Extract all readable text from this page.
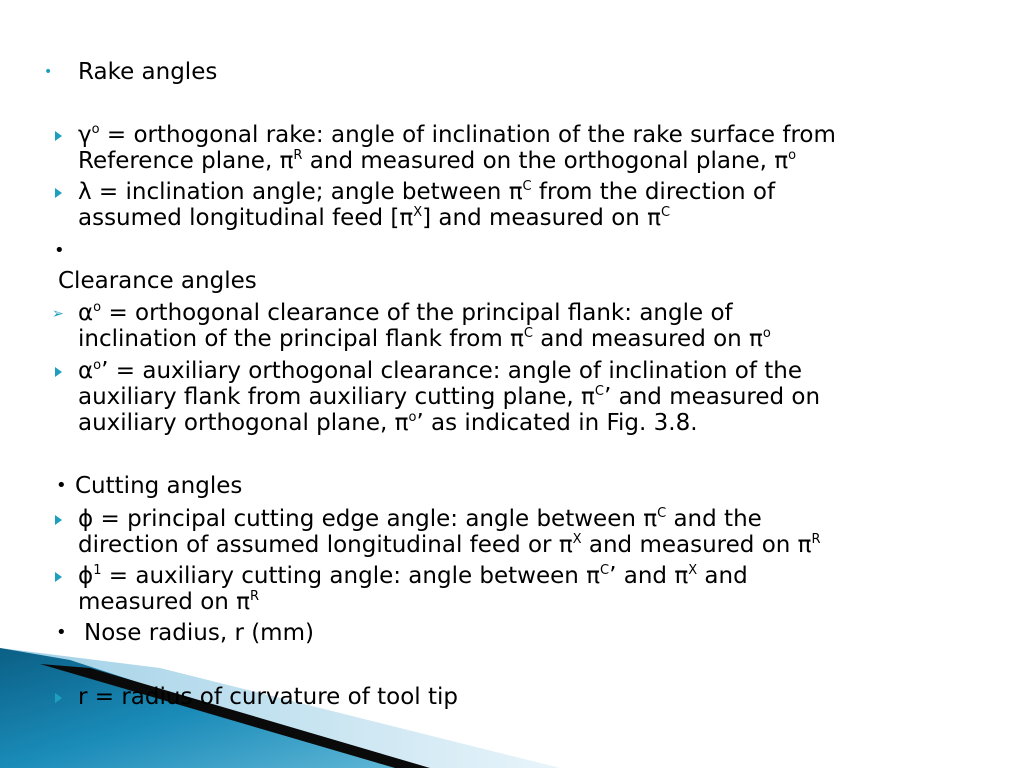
• Rake angles
$\gamma^o$ = orthogonal rake: angle of inclination of the rake surface from
Reference plane, $\pi^R$ and measured on the orthogonal plane, $\pi^o$
λ = inclination angle; angle between $\pi^C$ from the direction of
assumed longitudinal feed $[\pi^X]$ and measured on $\pi^C$
•
Clearance angles
➢ $\alpha^o$ = orthogonal clearance of the principal flank: angle of
inclination of the principal flank from $\pi^C$ and measured on $\pi^o$
$\alpha^o$’ = auxiliary orthogonal clearance: angle of inclination of the
auxiliary flank from auxiliary cutting plane, $\pi^C$’ and measured on
auxiliary orthogonal plane, $\pi^o$’ as indicated in Fig. 3.8.
• Cutting angles
ϕ = principal cutting edge angle: angle between $\pi^C$ and the
direction of assumed longitudinal feed or $\pi^X$ and measured on $\pi^R$
$\phi^1$ = auxiliary cutting angle: angle between $\pi^C$’ and $\pi^X$ and
measured on $\pi^R$
• Nose radius, r (mm)
r = radius of curvature of tool tip
